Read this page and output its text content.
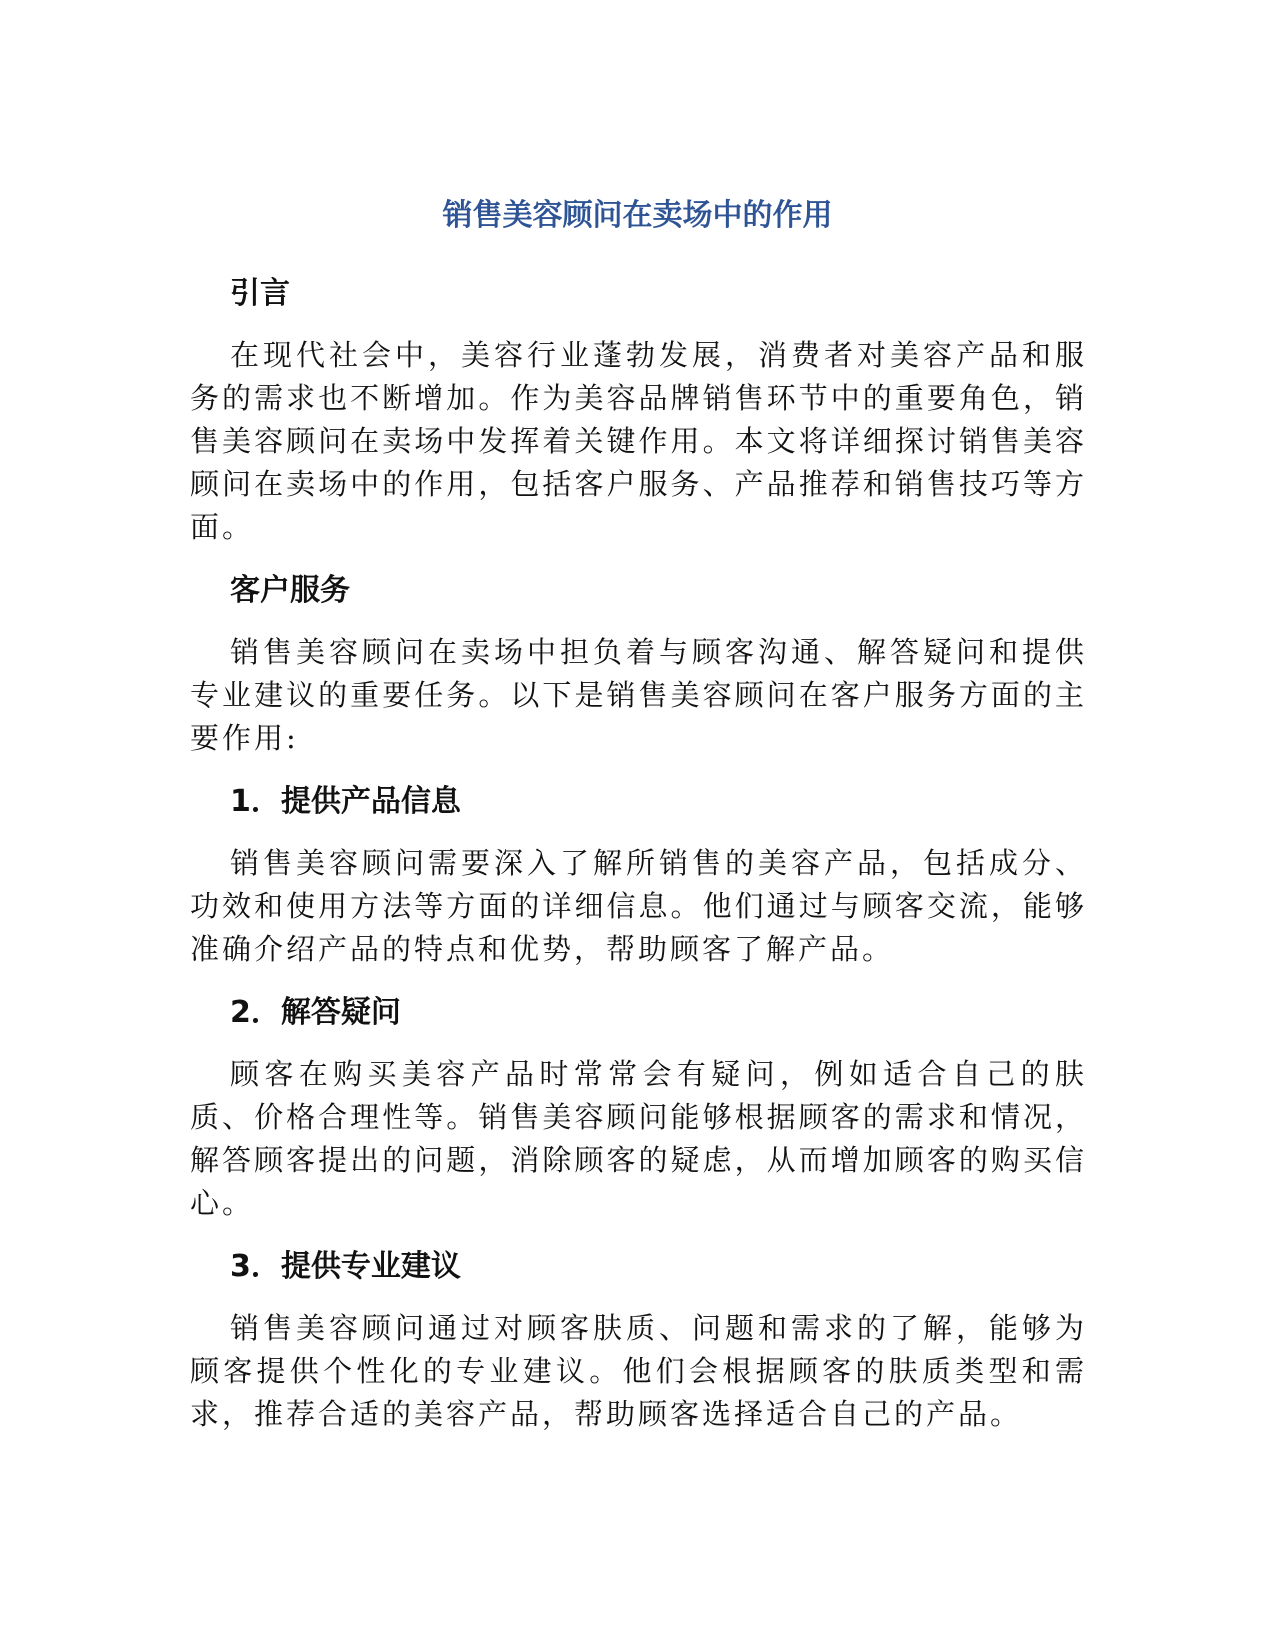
销售美容顾问在卖场中的作用
引言

在现代社会中，美容行业蓬勃发展，消费者对美容产品和服务的需求也不断增加。作为美容品牌销售环节中的重要角色，销售美容顾问在卖场中发挥着关键作用。本文将详细探讨销售美容顾问在卖场中的作用，包括客户服务、产品推荐和销售技巧等方面。

客户服务

销售美容顾问在卖场中担负着与顾客沟通、解答疑问和提供专业建议的重要任务。以下是销售美容顾问在客户服务方面的主要作用:

1．提供产品信息

销售美容顾问需要深入了解所销售的美容产品，包括成分、功效和使用方法等方面的详细信息。他们通过与顾客交流，能够准确介绍产品的特点和优势，帮助顾客了解产品。

2．解答疑问

顾客在购买美容产品时常常会有疑问，例如适合自己的肤质、价格合理性等。销售美容顾问能够根据顾客的需求和情况，解答顾客提出的问题，消除顾客的疑虑，从而增加顾客的购买信心。

3．提供专业建议

销售美容顾问通过对顾客肤质、问题和需求的了解，能够为顾客提供个性化的专业建议。他们会根据顾客的肤质类型和需求，推荐合适的美容产品，帮助顾客选择适合自己的产品。
